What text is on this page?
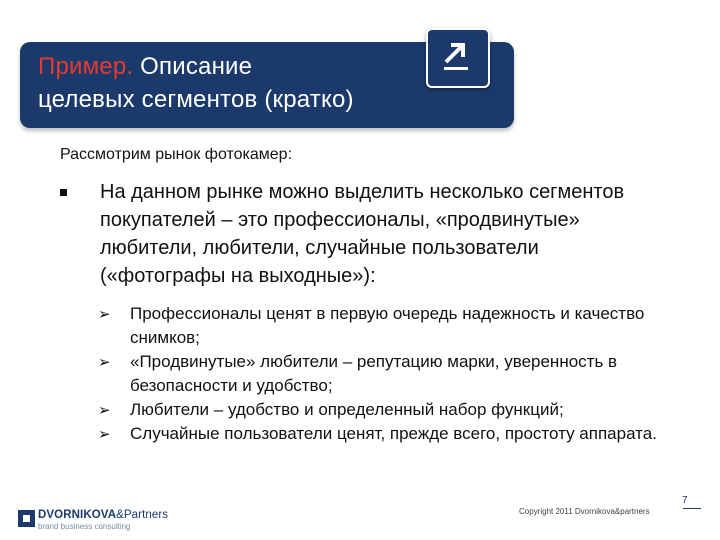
Пример. Описание
целевых сегментов (кратко)
Рассмотрим рынок фотокамер:
На данном рынке можно выделить несколько сегментов покупателей – это профессионалы, «продвинутые» любители, любители, случайные пользователи («фотографы на выходные»):
➢ Профессионалы ценят в первую очередь надежность и качество снимков;
➢ «Продвинутые» любители – репутацию марки, уверенность в безопасности и удобство;
➢ Любители – удобство и определенный набор функций;
➢ Случайные пользователи ценят, прежде всего, простоту аппарата.
DVORNIKOVA&Partners
brand business consulting
Copyright 2011 Dvornikova&partners
7
